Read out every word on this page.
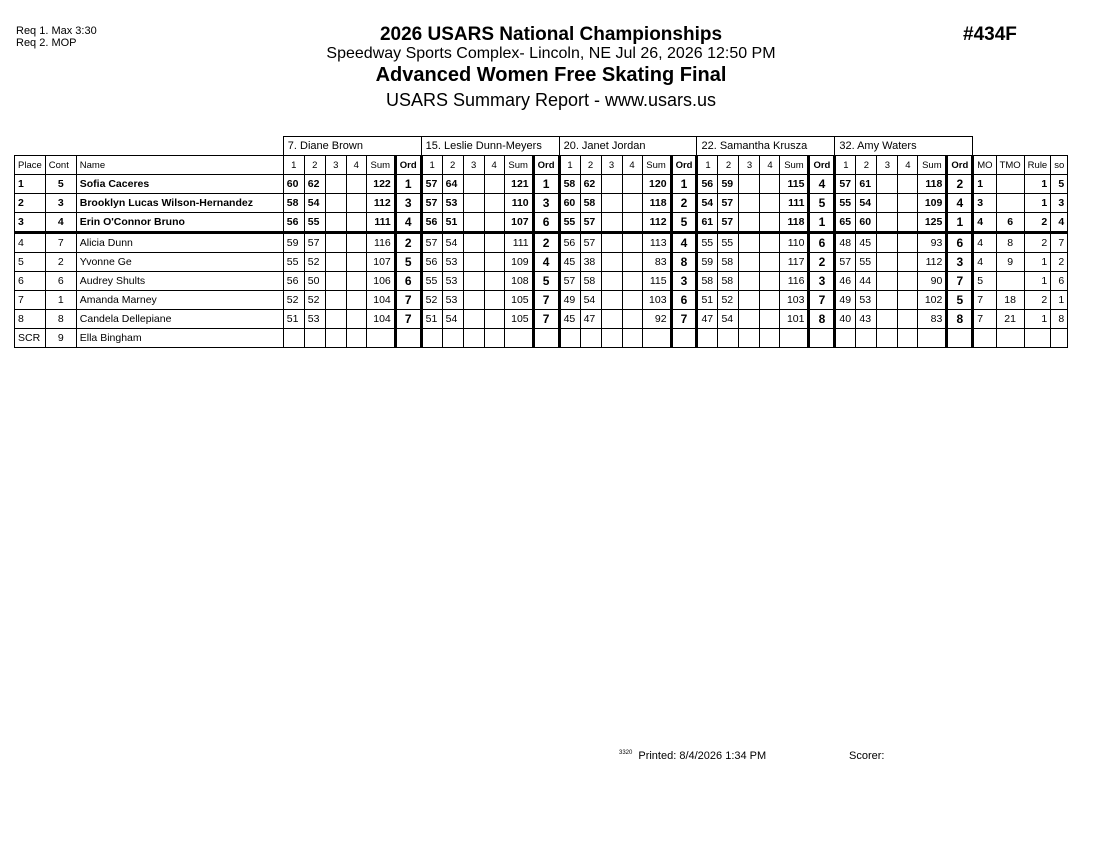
Req 1. Max 3:30
Req 2. MOP	#434F
2026 USARS National Championships
Speedway Sports Complex- Lincoln, NE Jul 26, 2026 12:50 PM
Advanced Women Free Skating Final
USARS Summary Report - www.usars.us
			7. Diane Brown						15. Leslie Dunn-Meyers						20. Janet Jordan						22. Samantha Krusza						32. Amy Waters									
Place	Cont	Name	1	2	3	4	Sum	Ord	1	2	3	4	Sum	Ord	1	2	3	4	Sum	Ord	1	2	3	4	Sum	Ord	1	2	3	4	Sum	Ord	MO	TMO	Rule	so
1	5	Sofia Caceres	60	62			122	1	57	64			121	1	58	62			120	1	56	59			115	4	57	61			118	2	1		1	5
2	3	Brooklyn Lucas Wilson-Hernandez	58	54			112	3	57	53			110	3	60	58			118	2	54	57			111	5	55	54			109	4	3		1	3
3	4	Erin O'Connor Bruno	56	55			111	4	56	51			107	6	55	57			112	5	61	57			118	1	65	60			125	1	4	6	2	4
4	7	Alicia Dunn	59	57			116	2	57	54			111	2	56	57			113	4	55	55			110	6	48	45			93	6	4	8	2	7
5	2	Yvonne Ge	55	52			107	5	56	53			109	4	45	38			83	8	59	58			117	2	57	55			112	3	4	9	1	2
6	6	Audrey Shults	56	50			106	6	55	53			108	5	57	58			115	3	58	58			116	3	46	44			90	7	5		1	6
7	1	Amanda Marney	52	52			104	7	52	53			105	7	49	54			103	6	51	52			103	7	49	53			102	5	7	18	2	1
8	8	Candela Dellepiane	51	53			104	7	51	54			105	7	45	47			92	7	47	54			101	8	40	43			83	8	7	21	1	8
SCR	9	Ella Bingham																																		
$^{3320}$ Printed: 8/4/2026 1:34 PM	Scorer:
